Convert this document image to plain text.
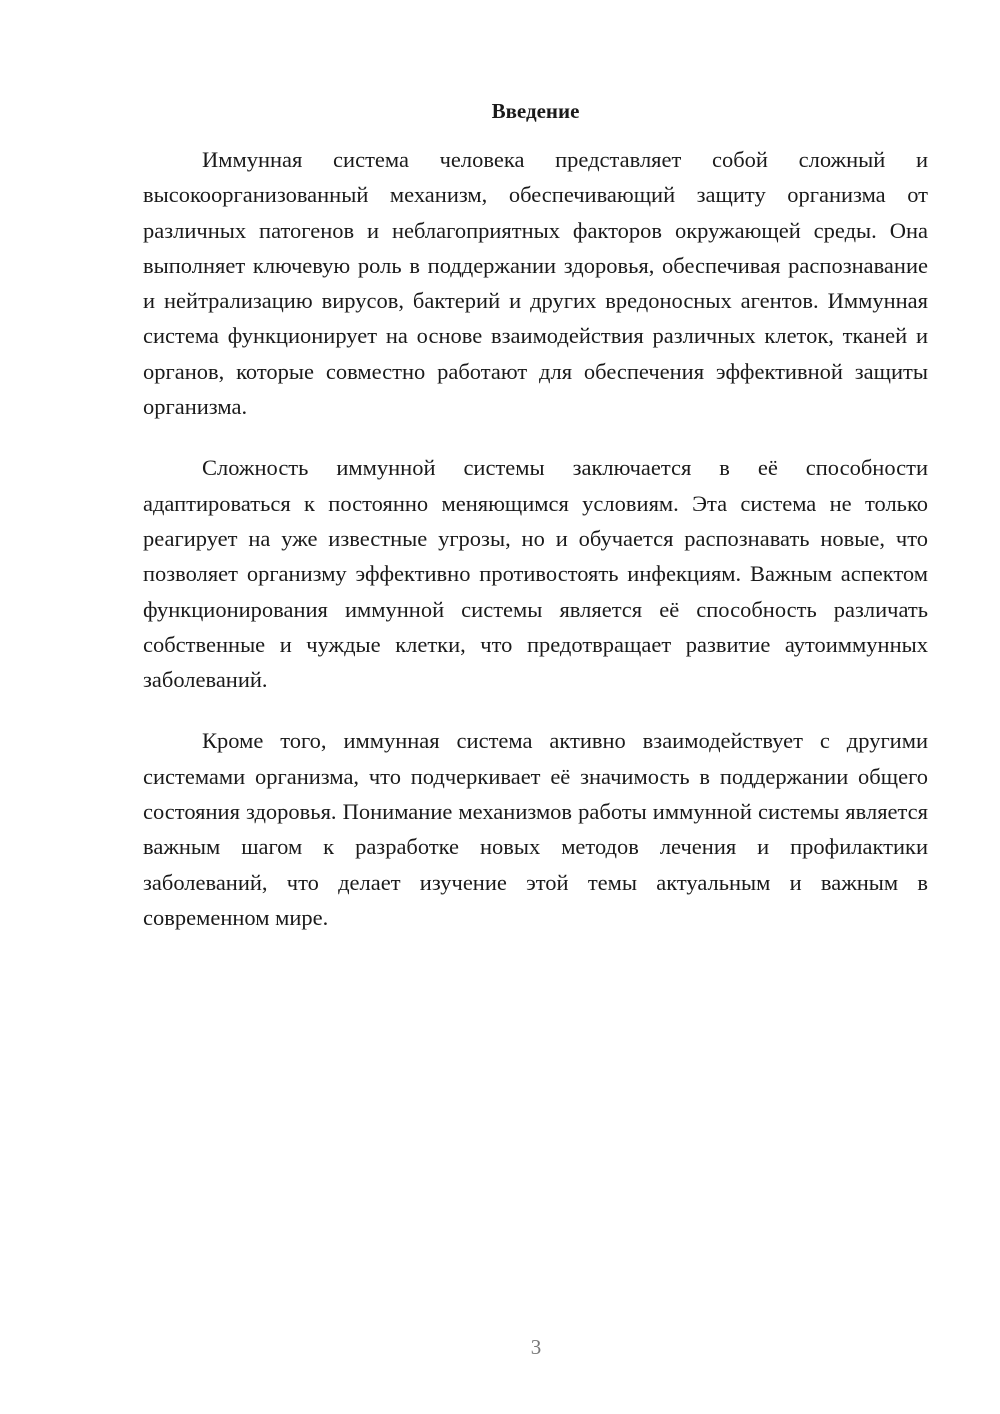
Введение

Иммунная система человека представляет собой сложный и высокоорганизованный механизм, обеспечивающий защиту организма от различных патогенов и неблагоприятных факторов окружающей среды. Она выполняет ключевую роль в поддержании здоровья, обеспечивая распознавание и нейтрализацию вирусов, бактерий и других вредоносных агентов. Иммунная система функционирует на основе взаимодействия различных клеток, тканей и органов, которые совместно работают для обеспечения эффективной защиты организма.

Сложность иммунной системы заключается в её способности адаптироваться к постоянно меняющимся условиям. Эта система не только реагирует на уже известные угрозы, но и обучается распознавать новые, что позволяет организму эффективно противостоять инфекциям. Важным аспектом функционирования иммунной системы является её способность различать собственные и чуждые клетки, что предотвращает развитие аутоиммунных заболеваний.

Кроме того, иммунная система активно взаимодействует с другими системами организма, что подчеркивает её значимость в поддержании общего состояния здоровья. Понимание механизмов работы иммунной системы является важным шагом к разработке новых методов лечения и профилактики заболеваний, что делает изучение этой темы актуальным и важным в современном мире.

3
